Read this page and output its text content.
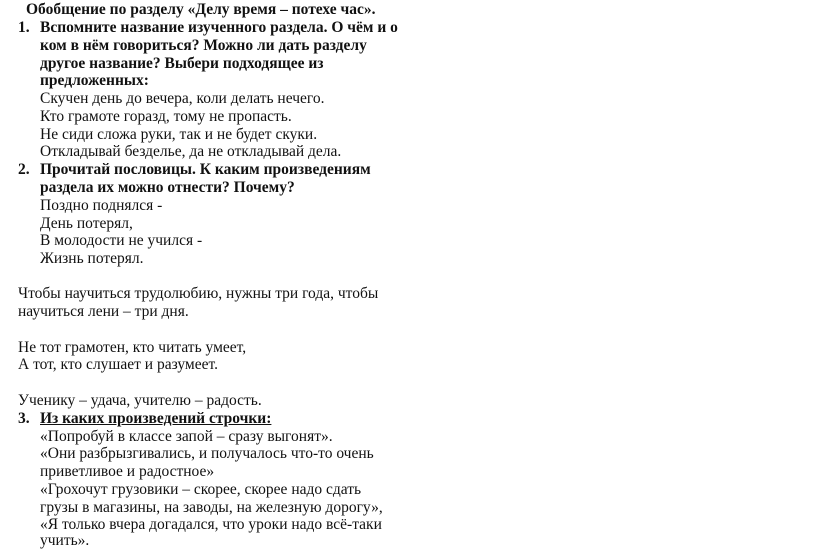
Обобщение по разделу «Делу время – потехе час».
1. Вспомните название изученного раздела. О чём и о
ком в нём говориться? Можно ли дать разделу
другое название? Выбери подходящее из
предложенных:
Скучен день до вечера, коли делать нечего.
Кто грамоте горазд, тому не пропасть.
Не сиди сложа руки, так и не будет скуки.
Откладывай безделье, да не откладывай дела.
2. Прочитай пословицы. К каким произведениям
раздела их можно отнести? Почему?
Поздно поднялся -
День потерял,
В молодости не учился -
Жизнь потерял.
Чтобы научиться трудолюбию, нужны три года, чтобы
научиться лени – три дня.
Не тот грамотен, кто читать умеет,
А тот, кто слушает и разумеет.
Ученику – удача, учителю – радость.
3. Из каких произведений строчки:
«Попробуй в классе запой – сразу выгонят».
«Они разбрызгивались, и получалось что-то очень
приветливое и радостное»
«Грохочут грузовики – скорее, скорее надо сдать
грузы в магазины, на заводы, на железную дорогу»,
«Я только вчера догадался, что уроки надо всё-таки
учить».
